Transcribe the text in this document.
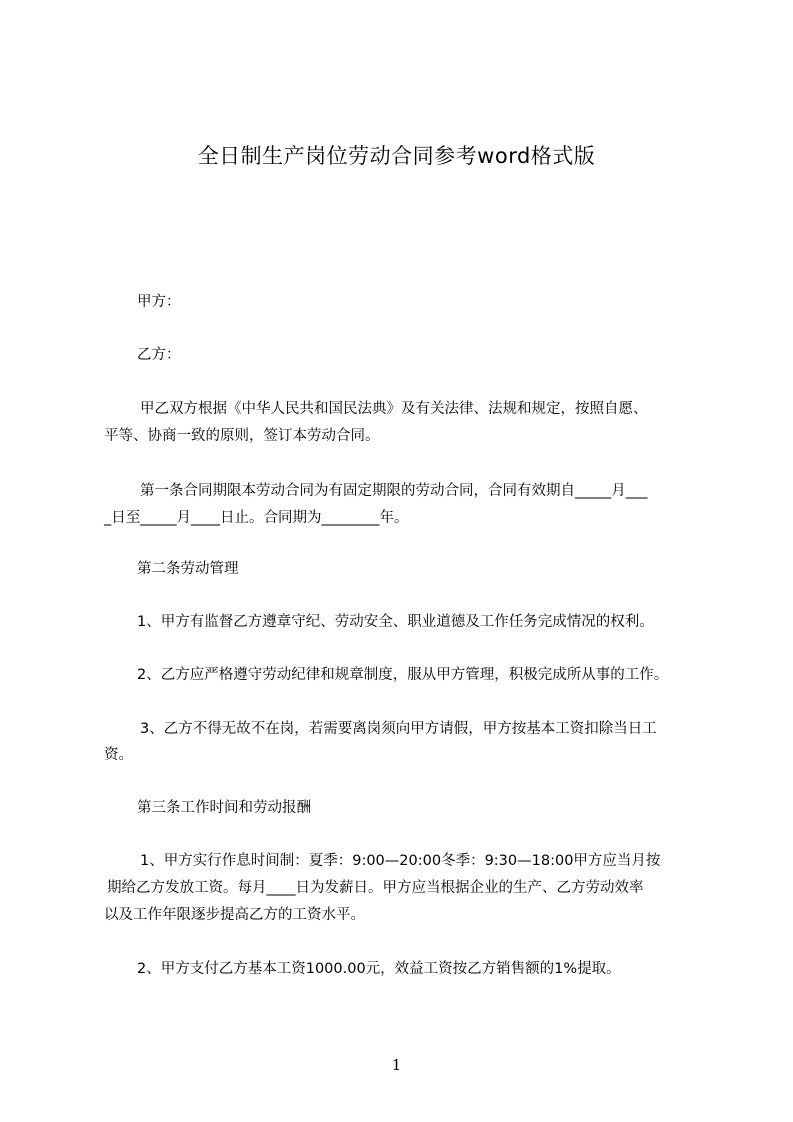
全日制生产岗位劳动合同参考word格式版
甲方：
乙方：
甲乙双方根据《中华人民共和国民法典》及有关法律、法规和规定，按照自愿、
平等、协商一致的原则，签订本劳动合同。
第一条合同期限本劳动合同为有固定期限的劳动合同，合同有效期自_____月___
_日至_____月____日止。合同期为________年。
第二条劳动管理
1、甲方有监督乙方遵章守纪、劳动安全、职业道德及工作任务完成情况的权利。
2、乙方应严格遵守劳动纪律和规章制度，服从甲方管理，积极完成所从事的工作。
3、乙方不得无故不在岗，若需要离岗须向甲方请假，甲方按基本工资扣除当日工
资。
第三条工作时间和劳动报酬
1、甲方实行作息时间制：夏季：9:00—20:00冬季：9:30—18:00甲方应当月按
期给乙方发放工资。每月____日为发薪日。甲方应当根据企业的生产、乙方劳动效率
以及工作年限逐步提高乙方的工资水平。
2、甲方支付乙方基本工资1000.00元，效益工资按乙方销售额的1%提取。
1
